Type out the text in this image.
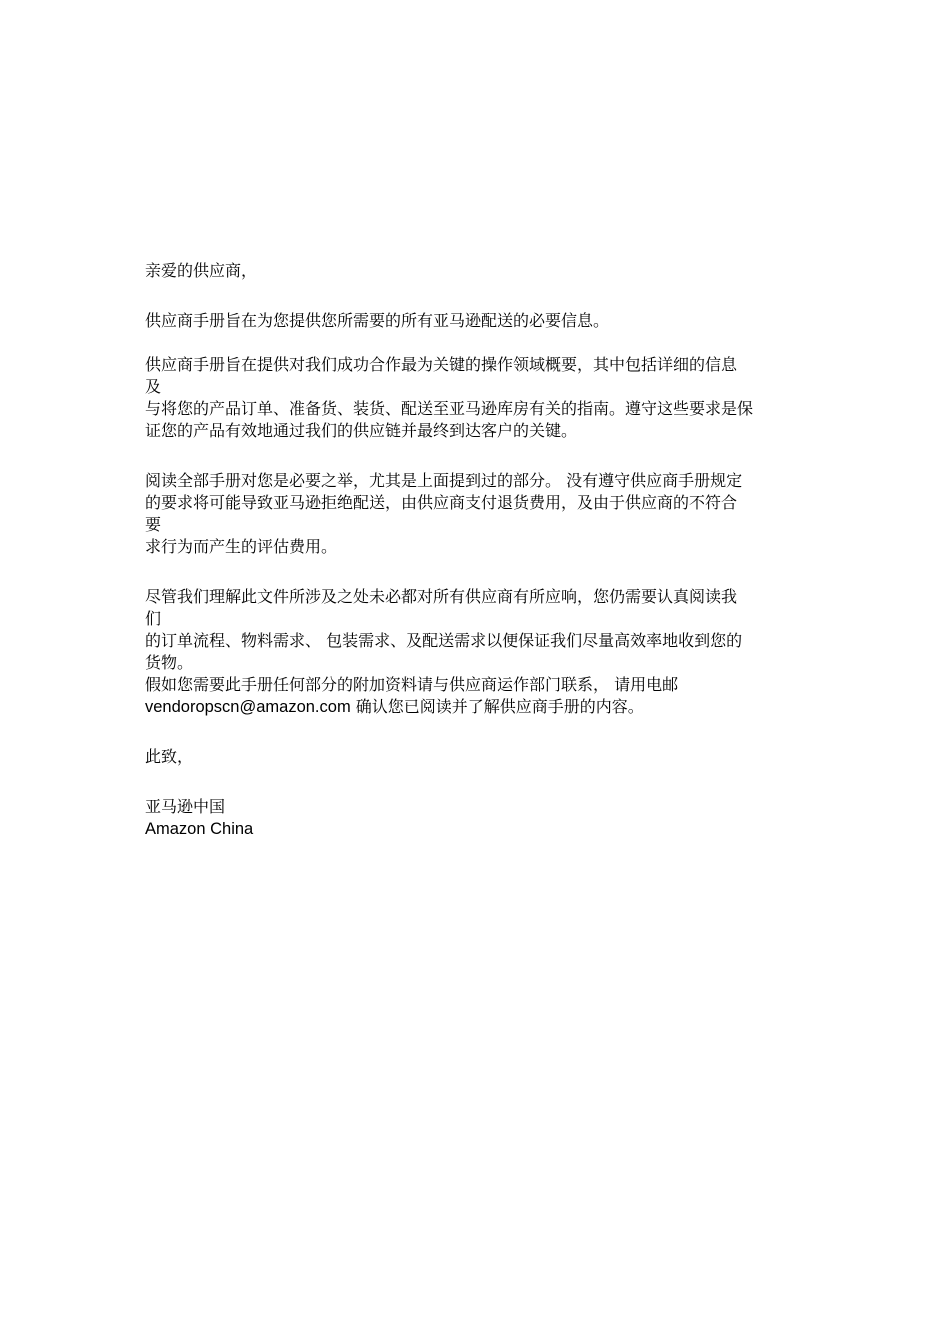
亲爱的供应商，

供应商手册旨在为您提供您所需要的所有亚马逊配送的必要信息。

供应商手册旨在提供对我们成功合作最为关键的操作领域概要，其中包括详细的信息
及
与将您的产品订单、准备货、装货、配送至亚马逊库房有关的指南。遵守这些要求是保
证您的产品有效地通过我们的供应链并最终到达客户的关键。

阅读全部手册对您是必要之举，尤其是上面提到过的部分。 没有遵守供应商手册规定
的要求将可能导致亚马逊拒绝配送，由供应商支付退货费用，及由于供应商的不符合
要
求行为而产生的评估费用。

尽管我们理解此文件所涉及之处未必都对所有供应商有所应响，您仍需要认真阅读我
们
的订单流程、物料需求、 包装需求、及配送需求以便保证我们尽量高效率地收到您的
货物。
假如您需要此手册任何部分的附加资料请与供应商运作部门联系， 请用电邮
vendoropscn@amazon.com 确认您已阅读并了解供应商手册的内容。

此致，

亚马逊中国
Amazon China
